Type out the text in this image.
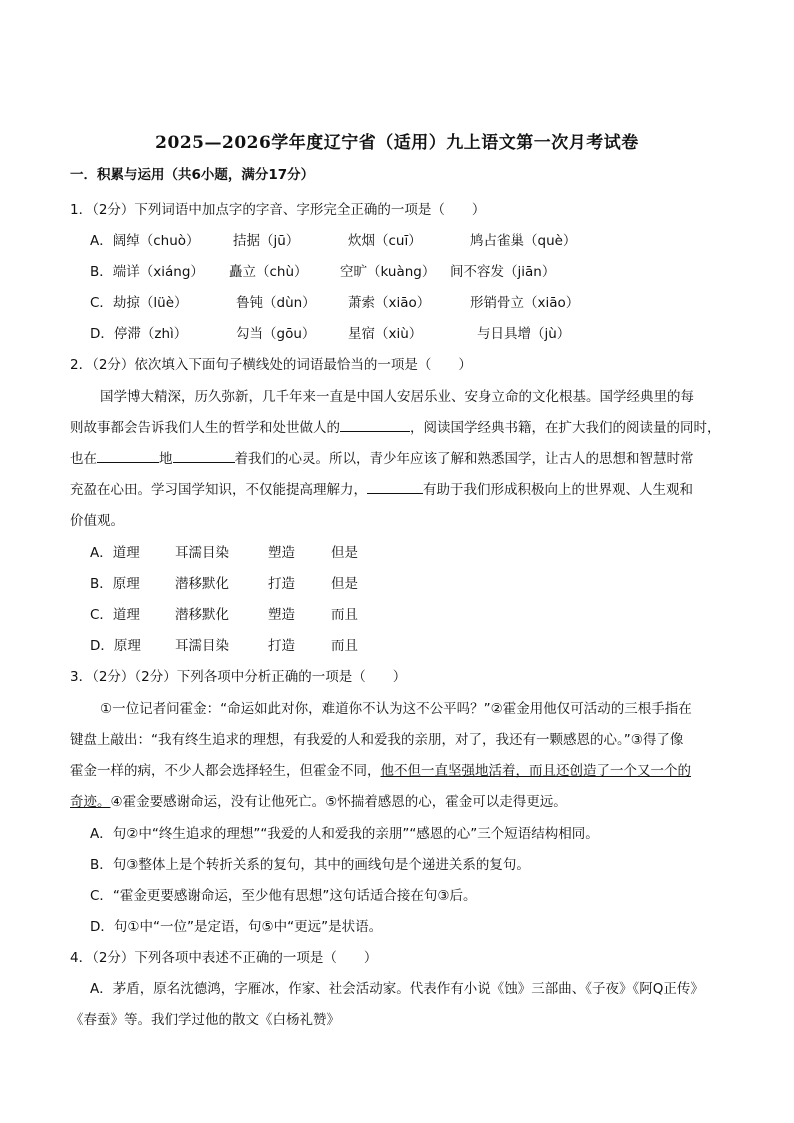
2025—2026学年度辽宁省（适用）九上语文第一次月考试卷
一．积累与运用（共6小题，满分17分）
1．（2分）下列词语中加点字的字音、字形完全正确的一项是（　　）
A．阔绰（chuò） 拮据（jū）	炊烟（cuī）	鸠占雀巢（què）
B．端详（xiáng） 矗立（chù） 空旷（kuàng） 间不容发（jiān）
C．劫掠（lüè）	鲁钝（dùn） 萧索（xiāo）	形销骨立（xiāo）
D．停滞（zhì）	勾当（gōu） 星宿（xiù）	与日具增（jù）
2．（2分）依次填入下面句子横线处的词语最恰当的一项是（　　）
国学博大精深，历久弥新，几千年来一直是中国人安居乐业、安身立命的文化根基。国学经典里的每
则故事都会告诉我们人生的哲学和处世做人的	，阅读国学经典书籍，在扩大我们的阅读量的同时，
也在	地	着我们的心灵。所以，青少年应该了解和熟悉国学，让古人的思想和智慧时常
充盈在心田。学习国学知识，不仅能提高理解力，	有助于我们形成积极向上的世界观、人生观和
价值观。
A．道理	耳濡目染	塑造	但是
B．原理	潜移默化	打造	但是
C．道理	潜移默化	塑造	而且
D．原理	耳濡目染	打造	而且
3．（2分）（2分）下列各项中分析正确的一项是（　　）
①一位记者问霍金：“命运如此对你，难道你不认为这不公平吗？”②霍金用他仅可活动的三根手指在
键盘上敲出：“我有终生追求的理想，有我爱的人和爱我的亲朋，对了，我还有一颗感恩的心。”③得了像
霍金一样的病，不少人都会选择轻生，但霍金不同，他不但一直坚强地活着，而且还创造了一个又一个的
奇迹。④霍金要感谢命运，没有让他死亡。⑤怀揣着感恩的心，霍金可以走得更远。
A．句②中“终生追求的理想”“我爱的人和爱我的亲朋”“感恩的心”三个短语结构相同。
B．句③整体上是个转折关系的复句，其中的画线句是个递进关系的复句。
C．“霍金更要感谢命运，至少他有思想”这句话适合接在句③后。
D．句①中“一位”是定语，句⑤中“更远”是状语。
4．（2分）下列各项中表述不正确的一项是（　　）
A．茅盾，原名沈德鸿，字雁冰，作家、社会活动家。代表作有小说《蚀》三部曲、《子夜》《阿Q正传》
《春蚕》等。我们学过他的散文《白杨礼赞》
